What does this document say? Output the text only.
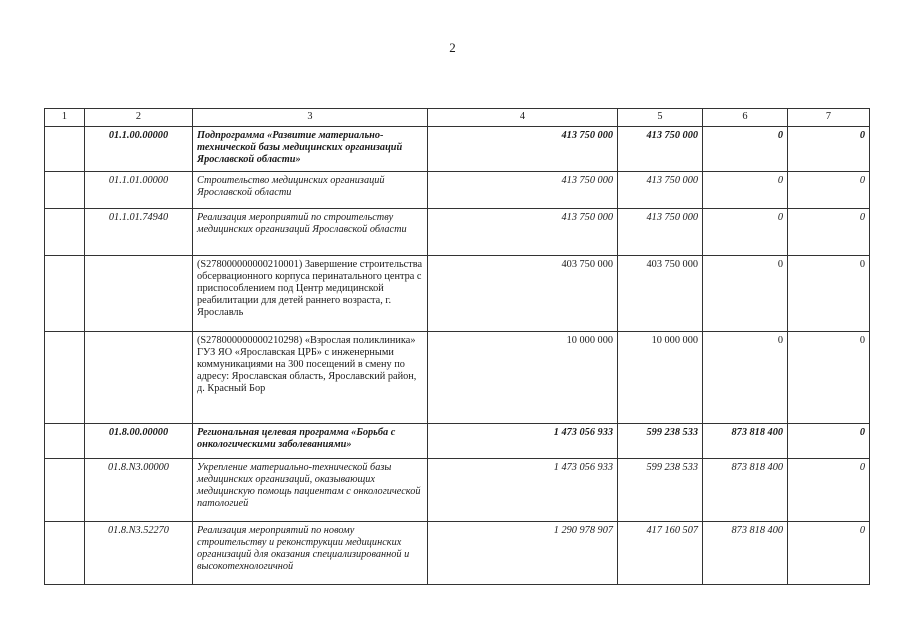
2
1	2	3	4	5	6	7
	01.1.00.00000	Подпрограмма «Развитие материально-технической базы медицинских организаций Ярославской области»	413 750 000	413 750 000	0	0
	01.1.01.00000	Строительство медицинских организаций Ярославской области	413 750 000	413 750 000	0	0
	01.1.01.74940	Реализация мероприятий по строительству медицинских организаций Ярославской области	413 750 000	413 750 000	0	0
		(S278000000000210001) Завершение строительства обсервационного корпуса перинатального центра с приспособлением под Центр медицинской реабилитации для детей раннего возраста, г. Ярославль	403 750 000	403 750 000	0	0
		(S278000000000210298) «Взрослая поликлиника» ГУЗ ЯО «Ярославская ЦРБ» с инженерными коммуникациями на 300 посещений в смену по адресу: Ярославская область, Ярославский район, д. Красный Бор	10 000 000	10 000 000	0	0
	01.8.00.00000	Региональная целевая программа «Борьба с онкологическими заболеваниями»	1 473 056 933	599 238 533	873 818 400	0
	01.8.N3.00000	Укрепление материально-технической базы медицинских организаций, оказывающих медицинскую помощь пациентам с онкологической патологией	1 473 056 933	599 238 533	873 818 400	0
	01.8.N3.52270	Реализация мероприятий по новому строительству и реконструкции медицинских организаций для оказания специализированной и высокотехнологичной	1 290 978 907	417 160 507	873 818 400	0
